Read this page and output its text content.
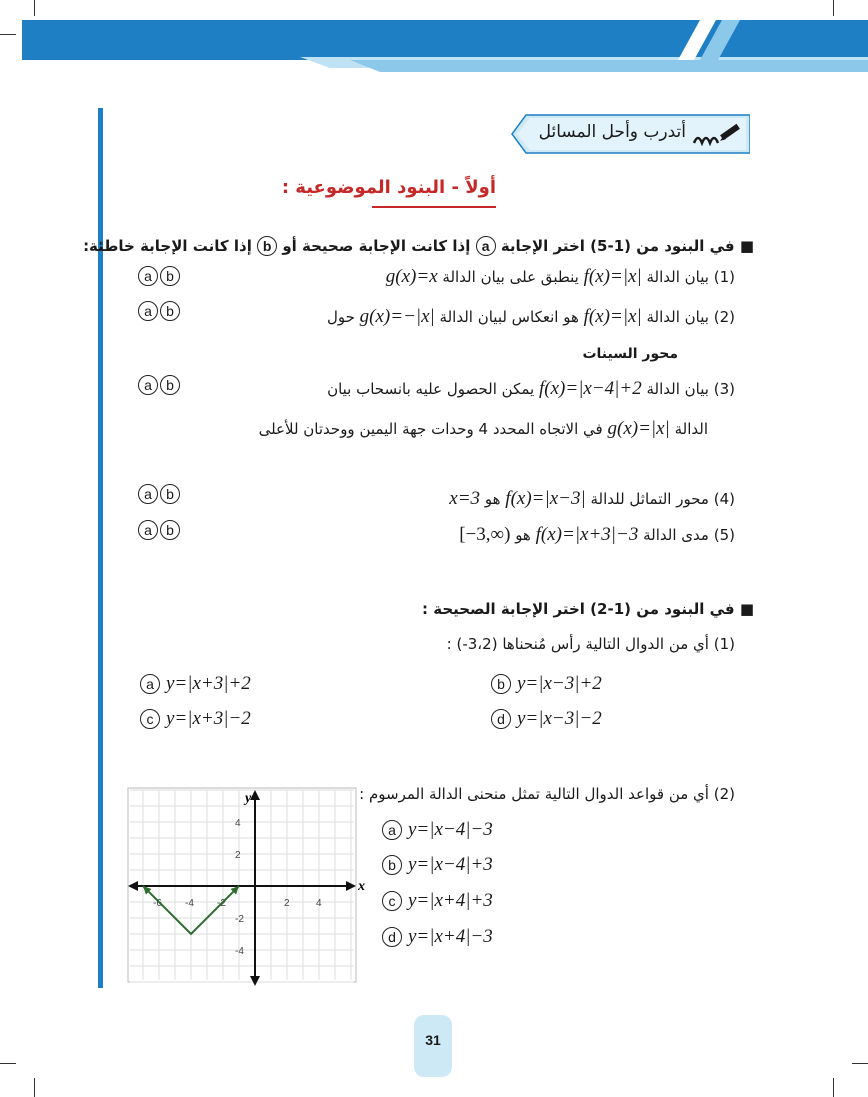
أتدرب وأحل المسائل
أولاً - البنود الموضوعية :
■ في البنود من (1-5) اختر الإجابة a إذا كانت الإجابة صحيحة أو b إذا كانت الإجابة خاطئة:
(1) بيان الدالة f(x)=|x| ينطبق على بيان الدالة g(x)=x
a	b
(2) بيان الدالة f(x)=|x| هو انعكاس لبيان الدالة g(x)=−|x| حول
محور السينات
a	b
(3) بيان الدالة f(x)=|x−4|+2 يمكن الحصول عليه بانسحاب بيان
الدالة g(x)=|x| في الاتجاه المحدد 4 وحدات جهة اليمين ووحدتان للأعلى
a	b
(4) محور التماثل للدالة f(x)=|x−3| هو x=3
a	b
(5) مدى الدالة f(x)=|x+3|−3 هو [−3,∞)
a	b
■ في البنود من (1-2) اختر الإجابة الصحيحة :
(1) أي من الدوال التالية رأس مُنحناها (3،2-) :
a y=|x+3|+2	b y=|x−3|+2
c y=|x+3|−2	d y=|x−3|−2
(2) أي من قواعد الدوال التالية تمثل منحنى الدالة المرسوم :
a y=|x−4|−3
b y=|x−4|+3
c y=|x+4|+3
d y=|x+4|−3
x
y
-6 -4 -2	2	4
4
2
-2
-4
31
